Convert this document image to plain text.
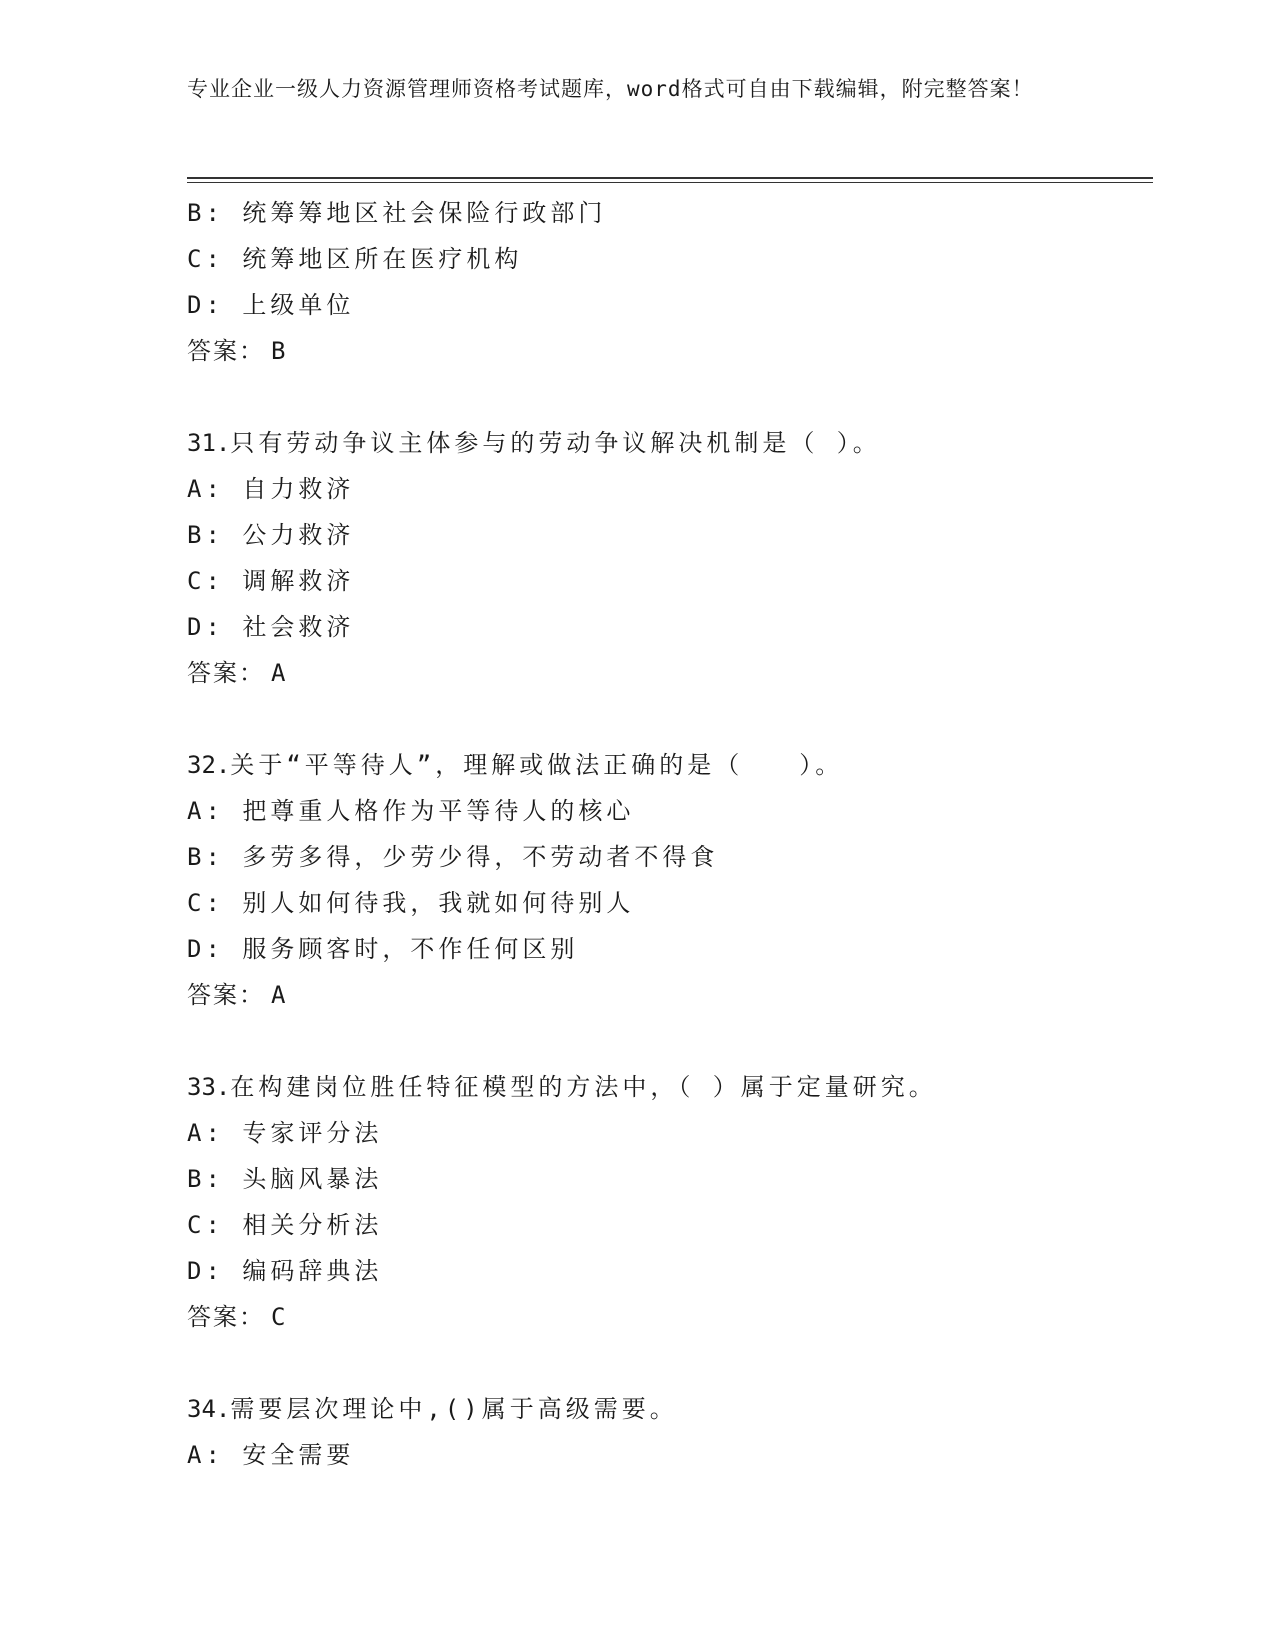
专业企业一级人力资源管理师资格考试题库，word格式可自由下载编辑，附完整答案！
B: 统筹筹地区社会保险行政部门
C: 统筹地区所在医疗机构
D: 上级单位
答案： B
31.只有劳动争议主体参与的劳动争议解决机制是（ ）。
A: 自力救济
B: 公力救济
C: 调解救济
D: 社会救济
答案： A
32.关于“平等待人”，理解或做法正确的是（　　）。
A: 把尊重人格作为平等待人的核心
B: 多劳多得，少劳少得，不劳动者不得食
C: 别人如何待我，我就如何待别人
D: 服务顾客时，不作任何区别
答案： A
33.在构建岗位胜任特征模型的方法中，（ ）属于定量研究。
A: 专家评分法
B: 头脑风暴法
C: 相关分析法
D: 编码辞典法
答案： C
34.需要层次理论中,()属于高级需要。
A: 安全需要
